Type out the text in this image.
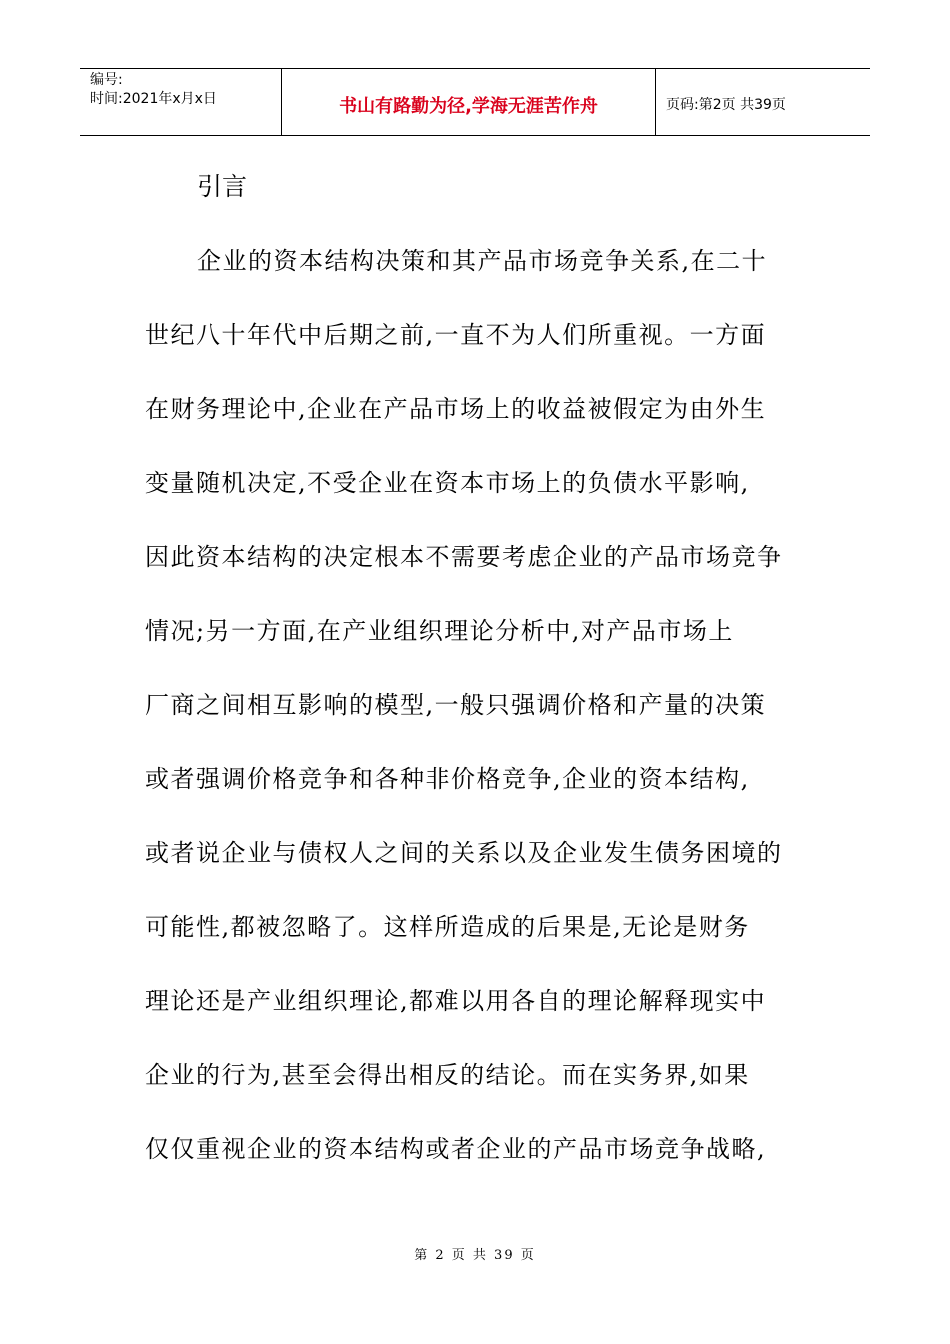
编号:
时间:2021年x月x日	书山有路勤为径,学海无涯苦作舟	页码:第2页 共39页
引言
企业的资本结构决策和其产品市场竞争关系,在二十
世纪八十年代中后期之前,一直不为人们所重视。一方面
在财务理论中,企业在产品市场上的收益被假定为由外生
变量随机决定,不受企业在资本市场上的负债水平影响,
因此资本结构的决定根本不需要考虑企业的产品市场竞争
情况;另一方面,在产业组织理论分析中,对产品市场上
厂商之间相互影响的模型,一般只强调价格和产量的决策
或者强调价格竞争和各种非价格竞争,企业的资本结构,
或者说企业与债权人之间的关系以及企业发生债务困境的
可能性,都被忽略了。这样所造成的后果是,无论是财务
理论还是产业组织理论,都难以用各自的理论解释现实中
企业的行为,甚至会得出相反的结论。而在实务界,如果
仅仅重视企业的资本结构或者企业的产品市场竞争战略,
第 2 页 共 39 页
